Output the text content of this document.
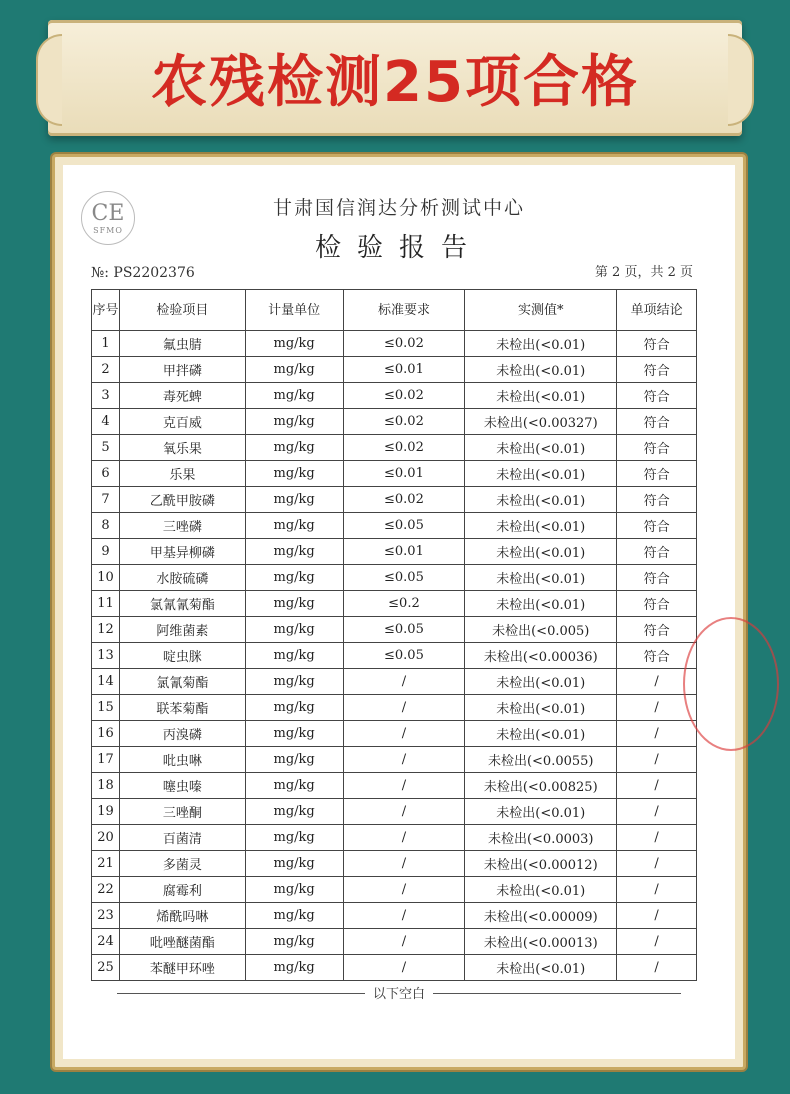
农残检测25项合格
CE
SFMO
甘肃国信润达分析测试中心
检验报告
№: PS2202376	第 2 页，共 2 页
序号	检验项目	计量单位	标准要求	实测值*	单项结论
1	氟虫腈	mg/kg	≤0.02	未检出(<0.01)	符合
2	甲拌磷	mg/kg	≤0.01	未检出(<0.01)	符合
3	毒死蜱	mg/kg	≤0.02	未检出(<0.01)	符合
4	克百威	mg/kg	≤0.02	未检出(<0.00327)	符合
5	氧乐果	mg/kg	≤0.02	未检出(<0.01)	符合
6	乐果	mg/kg	≤0.01	未检出(<0.01)	符合
7	乙酰甲胺磷	mg/kg	≤0.02	未检出(<0.01)	符合
8	三唑磷	mg/kg	≤0.05	未检出(<0.01)	符合
9	甲基异柳磷	mg/kg	≤0.01	未检出(<0.01)	符合
10	水胺硫磷	mg/kg	≤0.05	未检出(<0.01)	符合
11	氯氰氰菊酯	mg/kg	≤0.2	未检出(<0.01)	符合
12	阿维菌素	mg/kg	≤0.05	未检出(<0.005)	符合
13	啶虫脒	mg/kg	≤0.05	未检出(<0.00036)	符合
14	氯氰菊酯	mg/kg	/	未检出(<0.01)	/
15	联苯菊酯	mg/kg	/	未检出(<0.01)	/
16	丙溴磷	mg/kg	/	未检出(<0.01)	/
17	吡虫啉	mg/kg	/	未检出(<0.0055)	/
18	噻虫嗪	mg/kg	/	未检出(<0.00825)	/
19	三唑酮	mg/kg	/	未检出(<0.01)	/
20	百菌清	mg/kg	/	未检出(<0.0003)	/
21	多菌灵	mg/kg	/	未检出(<0.00012)	/
22	腐霉利	mg/kg	/	未检出(<0.01)	/
23	烯酰吗啉	mg/kg	/	未检出(<0.00009)	/
24	吡唑醚菌酯	mg/kg	/	未检出(<0.00013)	/
25	苯醚甲环唑	mg/kg	/	未检出(<0.01)	/
以下空白
